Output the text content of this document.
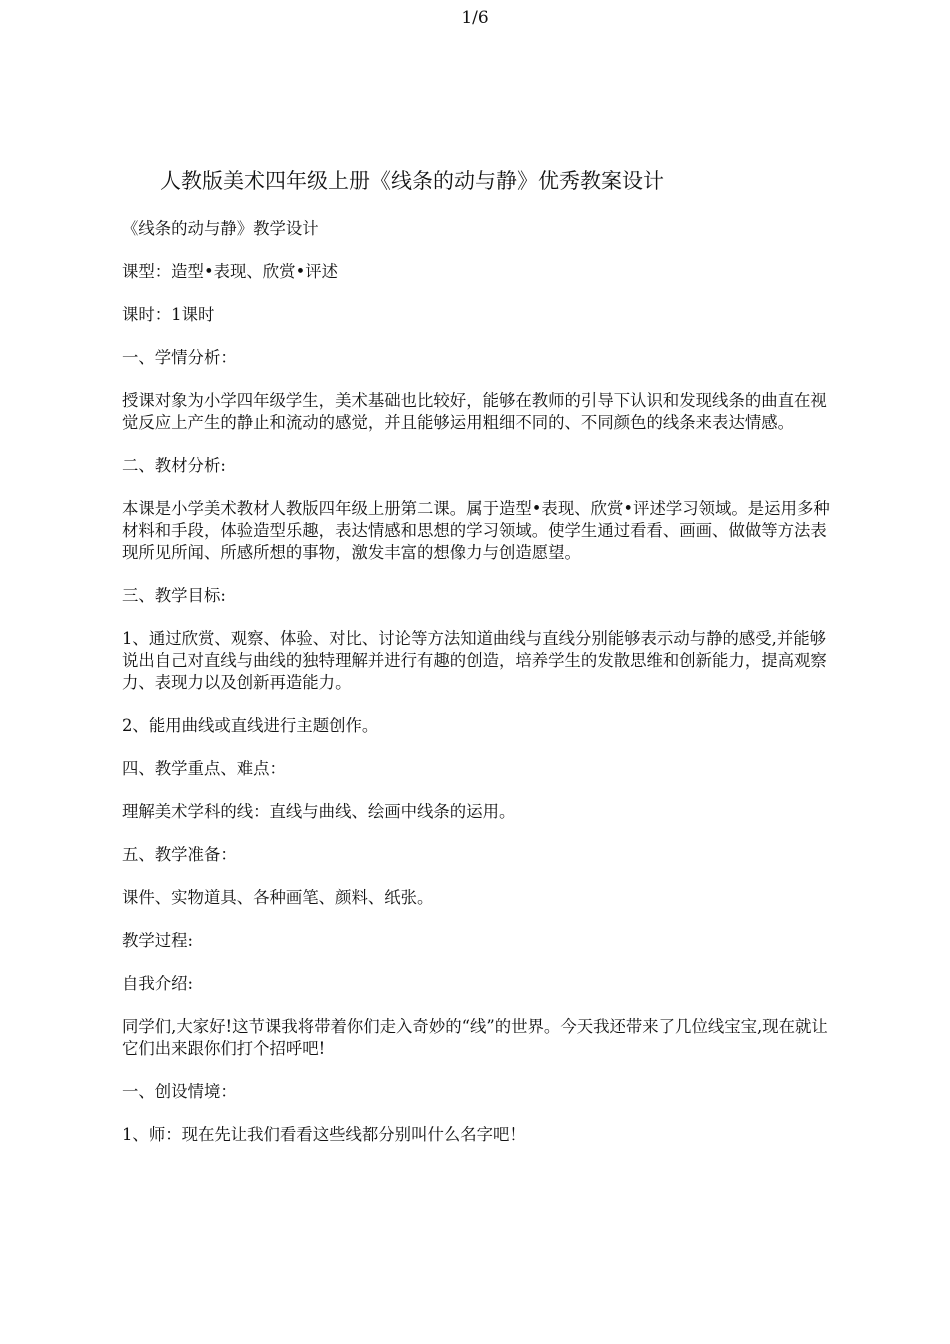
1/6
人教版美术四年级上册《线条的动与静》优秀教案设计

《线条的动与静》教学设计

课型：造型•表现、欣赏•评述

课时：1课时

一、学情分析：

授课对象为小学四年级学生，美术基础也比较好，能够在教师的引导下认识和发现线条的曲直在视觉反应上产生的静止和流动的感觉，并且能够运用粗细不同的、不同颜色的线条来表达情感。

二、教材分析:

本课是小学美术教材人教版四年级上册第二课。属于造型•表现、欣赏•评述学习领域。是运用多种材料和手段，体验造型乐趣，表达情感和思想的学习领域。使学生通过看看、画画、做做等方法表现所见所闻、所感所想的事物，激发丰富的想像力与创造愿望。

三、教学目标:

1、通过欣赏、观察、体验、对比、讨论等方法知道曲线与直线分别能够表示动与静的感受,并能够说出自己对直线与曲线的独特理解并进行有趣的创造，培养学生的发散思维和创新能力，提高观察力、表现力以及创新再造能力。

2、能用曲线或直线进行主题创作。

四、教学重点、难点：

理解美术学科的线：直线与曲线、绘画中线条的运用。

五、教学准备：

课件、实物道具、各种画笔、颜料、纸张。

教学过程:

自我介绍:

同学们,大家好!这节课我将带着你们走入奇妙的“线”的世界。今天我还带来了几位线宝宝,现在就让它们出来跟你们打个招呼吧!

一、创设情境：

1、师：现在先让我们看看这些线都分别叫什么名字吧！
